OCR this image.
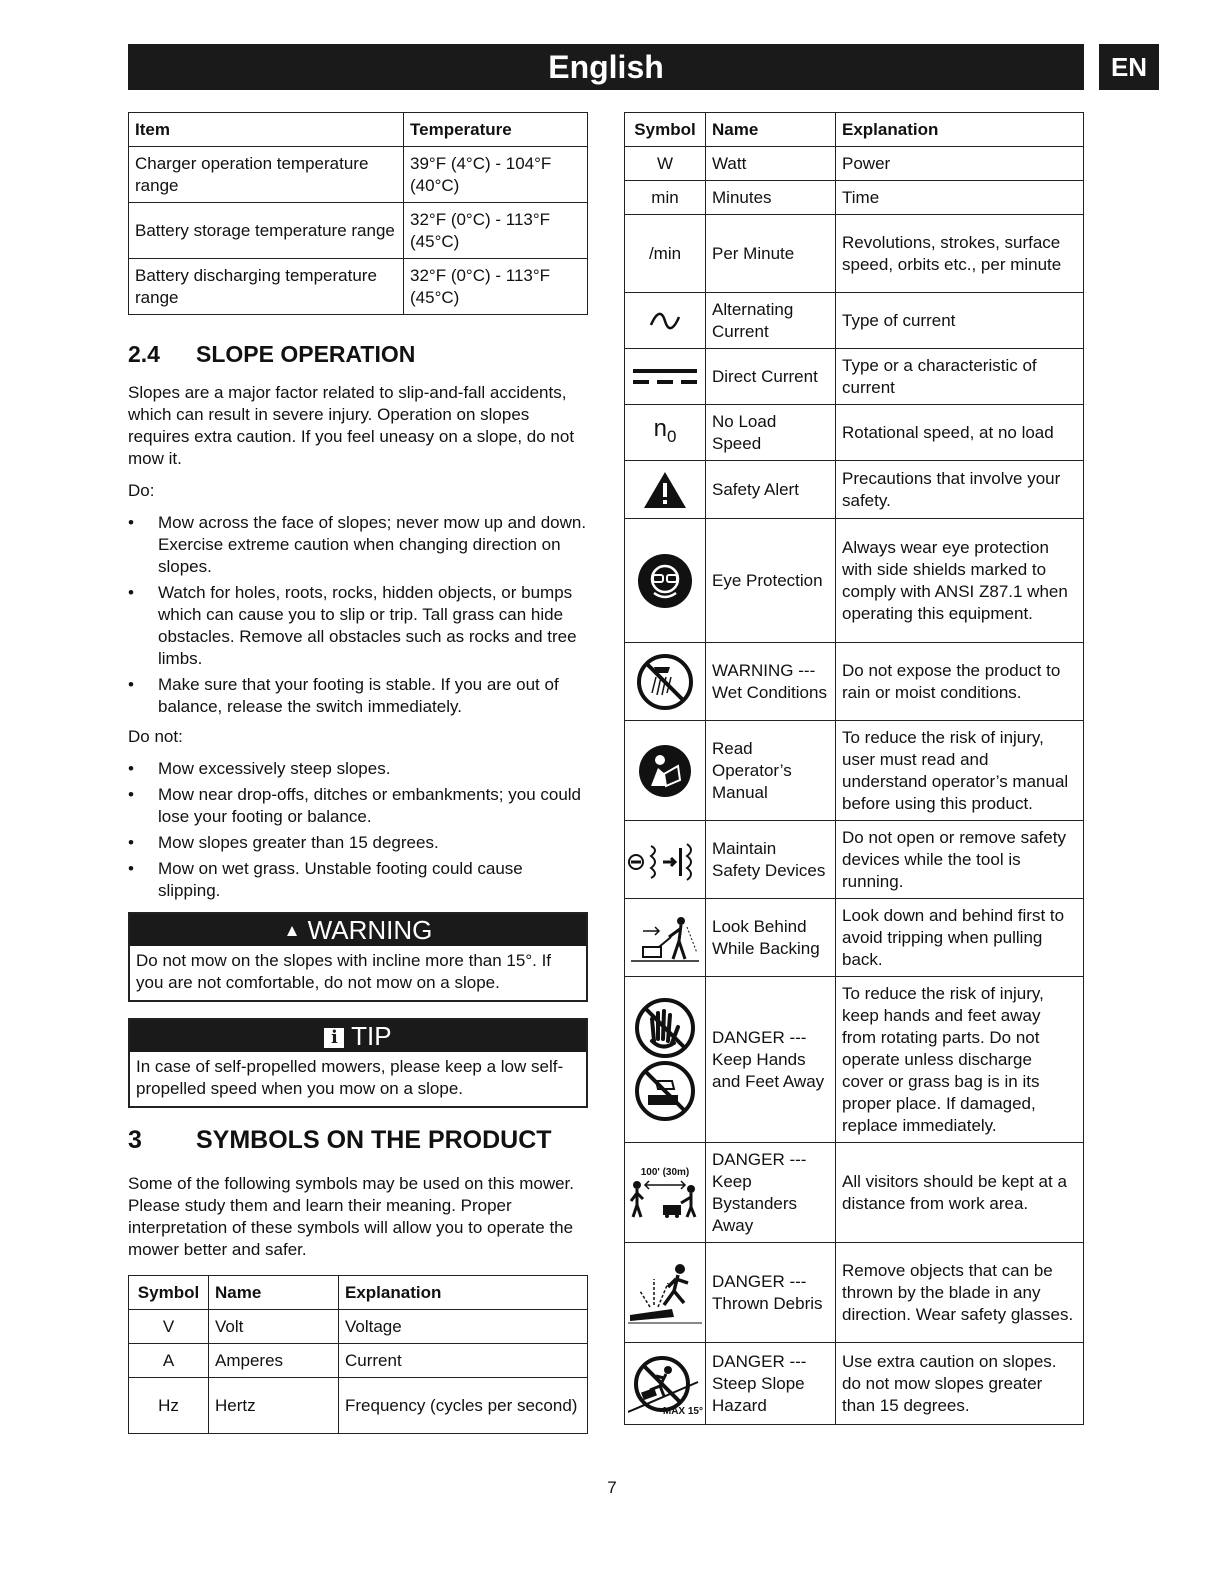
English	EN
Item	Temperature
Charger operation temperature range	39°F (4°C) - 104°F (40°C)
Battery storage temperature range	32°F (0°C) - 113°F (45°C)
Battery discharging temperature range	32°F (0°C) - 113°F (45°C)
2.4	SLOPE OPERATION

Slopes are a major factor related to slip-and-fall accidents, which can result in severe injury. Operation on slopes requires extra caution. If you feel uneasy on a slope, do not mow it.

Do:

• Mow across the face of slopes; never mow up and down. Exercise extreme caution when changing direction on slopes.
• Watch for holes, roots, rocks, hidden objects, or bumps which can cause you to slip or trip. Tall grass can hide obstacles. Remove all obstacles such as rocks and tree limbs.
• Make sure that your footing is stable. If you are out of balance, release the switch immediately.

Do not:

• Mow excessively steep slopes.
• Mow near drop-offs, ditches or embankments; you could lose your footing or balance.
• Mow slopes greater than 15 degrees.
• Mow on wet grass. Unstable footing could cause slipping.
▲ WARNING
Do not mow on the slopes with incline more than 15°. If you are not comfortable, do not mow on a slope.
i TIP
In case of self-propelled mowers, please keep a low self-propelled speed when you mow on a slope.
3	SYMBOLS ON THE PRODUCT

Some of the following symbols may be used on this mower. Please study them and learn their meaning. Proper interpretation of these symbols will allow you to operate the mower better and safer.

Symbol	Name	Explanation
V	Volt	Voltage
A	Amperes	Current
Hz	Hertz	Frequency (cycles per second)
Symbol	Name	Explanation
W	Watt	Power
min	Minutes	Time
/min	Per Minute	Revolutions, strokes, surface speed, orbits etc., per minute

	Alternating Current	Type of current

	Direct Current	Type or a characteristic of current
$n_0$	No Load Speed	Rotational speed, at no load

	Safety Alert	Precautions that involve your safety.

	Eye Protection	Always wear eye protection with side shields marked to comply with ANSI Z87.1 when operating this equipment.

	WARNING --- Wet Conditions	Do not expose the product to rain or moist conditions.

	Read Operator’s Manual	To reduce the risk of injury, user must read and understand operator’s manual before using this product.

	Maintain Safety Devices	Do not open or remove safety devices while the tool is running.

	Look Behind While Backing	Look down and behind first to avoid tripping when pulling back.

	DANGER --- Keep Hands and Feet Away	To reduce the risk of injury, keep hands and feet away from rotating parts. Do not operate unless discharge cover or grass bag is in its proper place. If damaged, replace immediately.

100' (30m)	DANGER --- Keep Bystanders Away	All visitors should be kept at a distance from work area.

	DANGER --- Thrown Debris	Remove objects that can be thrown by the blade in any direction. Wear safety glasses.

MAX 15°	DANGER --- Steep Slope Hazard	Use extra caution on slopes. do not mow slopes greater than 15 degrees.
7
